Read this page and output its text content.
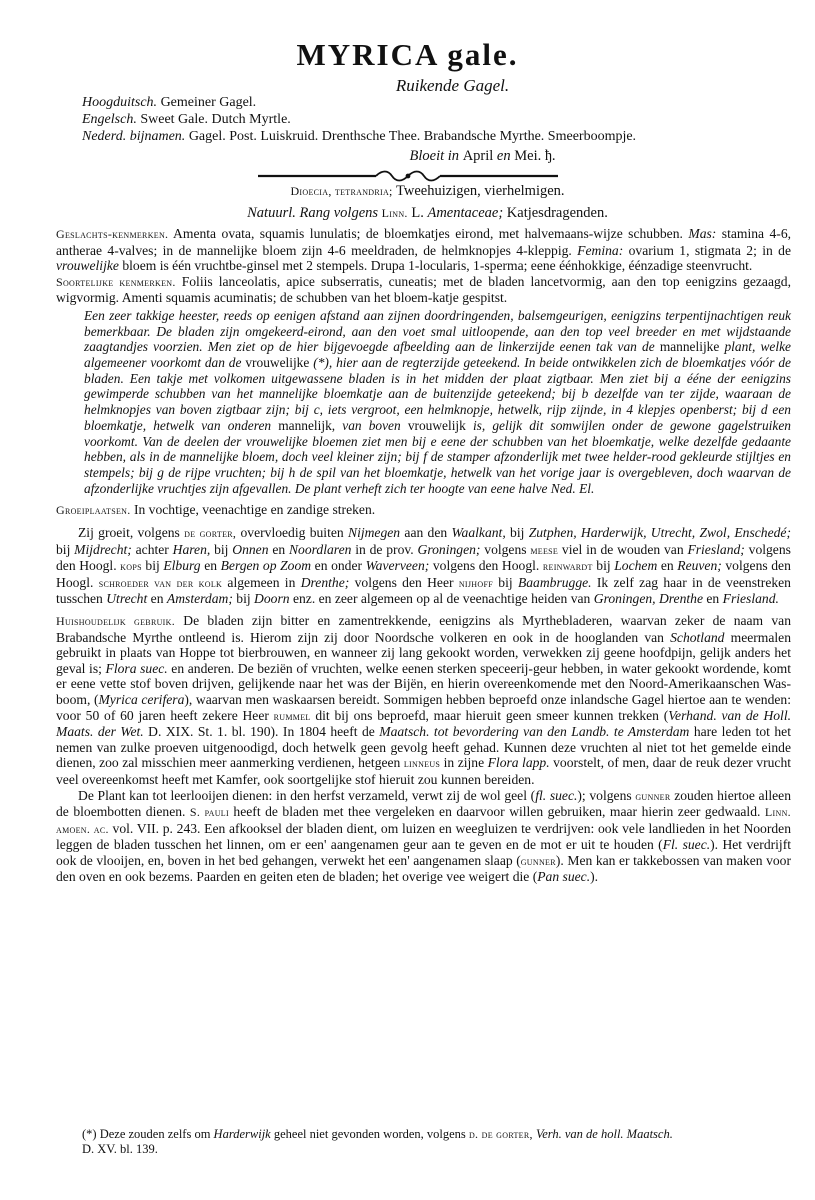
MYRICA gale.
Ruikende Gagel.
Hoogduitsch. Gemeiner Gagel.
Engelsch. Sweet Gale. Dutch Myrtle.
Nederd. bijnamen. Gagel. Post. Luiskruid. Drenthsche Thee. Brabandsche Myrthe. Smeerboompje.
Bloeit in April en Mei. ђ.
Dioecia, tetrandria; Tweehuizigen, vierhelmigen.
Natuurl. Rang volgens Linn. L. Amentaceae; Katjesdragenden.

Geslachts-kenmerken. Amenta ovata, squamis lunulatis; de bloemkatjes eirond, met halvemaans-wijze schubben. Mas: stamina 4-6, antherae 4-valves; in de mannelijke bloem zijn 4-6 meeldraden, de helmknopjes 4-kleppig. Femina: ovarium 1, stigmata 2; in de vrouwelijke bloem is één vruchtbe-ginsel met 2 stempels. Drupa 1-locularis, 1-sperma; eene éénhokkige, éénzadige steenvrucht.

Soortelijke kenmerken. Foliis lanceolatis, apice subserratis, cuneatis; met de bladen lancetvormig, aan den top eenigzins gezaagd, wigvormig. Amenti squamis acuminatis; de schubben van het bloem-katje gespitst.

Een zeer takkige heester, reeds op eenigen afstand aan zijnen doordringenden, balsemgeurigen, eenigzins terpentijnachtigen reuk bemerkbaar. De bladen zijn omgekeerd-eirond, aan den voet smal uitloopende, aan den top veel breeder en met wijdstaande zaagtandjes voorzien. Men ziet op de hier bijgevoegde afbeelding aan de linkerzijde eenen tak van de mannelijke plant, welke algemeener voorkomt dan de vrouwelijke (*), hier aan de regterzijde geteekend. In beide ontwikkelen zich de bloemkatjes vóór de bladen. Een takje met volkomen uitgewassene bladen is in het midden der plaat zigtbaar. Men ziet bij a ééne der eenigzins gewimperde schubben van het mannelijke bloemkatje aan de buitenzijde geteekend; bij b dezelfde van ter zijde, waaraan de helmknopjes van boven zigtbaar zijn; bij c, iets vergroot, een helmknopje, hetwelk, rijp zijnde, in 4 klepjes openberst; bij d een bloemkatje, hetwelk van onderen mannelijk, van boven vrouwelijk is, gelijk dit somwijlen onder de gewone gagelstruiken voorkomt. Van de deelen der vrouwelijke bloemen ziet men bij e eene der schubben van het bloemkatje, welke dezelfde gedaante hebben, als in de mannelijke bloem, doch veel kleiner zijn; bij f de stamper afzonderlijk met twee helder-rood gekleurde stijltjes en stempels; bij g de rijpe vruchten; bij h de spil van het bloemkatje, hetwelk van het vorige jaar is overgebleven, doch waarvan de afzonderlijke vruchtjes zijn afgevallen. De plant verheft zich ter hoogte van eene halve Ned. El.

Groeiplaatsen. In vochtige, veenachtige en zandige streken.

Zij groeit, volgens de gorter, overvloedig buiten Nijmegen aan den Waalkant, bij Zutphen, Harderwijk, Utrecht, Zwol, Enschedé; bij Mijdrecht; achter Haren, bij Onnen en Noordlaren in de prov. Groningen; volgens meese viel in de wouden van Friesland; volgens den Hoogl. kops bij Elburg en Bergen op Zoom en onder Waverveen; volgens den Hoogl. reinwardt bij Lochem en Reuven; volgens den Hoogl. schroeder van der kolk algemeen in Drenthe; volgens den Heer nijhoff bij Baambrugge. Ik zelf zag haar in de veenstreken tusschen Utrecht en Amsterdam; bij Doorn enz. en zeer algemeen op al de veenachtige heiden van Groningen, Drenthe en Friesland.

Huishoudelijk gebruik. De bladen zijn bitter en zamentrekkende, eenigzins als Myrthebladeren, waarvan zeker de naam van Brabandsche Myrthe ontleend is. Hierom zijn zij door Noordsche volkeren en ook in de hooglanden van Schotland meermalen gebruikt in plaats van Hoppe tot bierbrouwen, en wanneer zij lang gekookt worden, verwekken zij geene hoofdpijn, gelijk anders het geval is; Flora suec. en anderen. De beziën of vruchten, welke eenen sterken speceerij-geur hebben, in water gekookt wordende, komt er eene vette stof boven drijven, gelijkende naar het was der Bijën, en hierin overeenkomende met den Noord-Amerikaanschen Was-boom, (Myrica cerifera), waarvan men waskaarsen bereidt. Sommigen hebben beproefd onze inlandsche Gagel hiertoe aan te wenden: voor 50 of 60 jaren heeft zekere Heer rummel dit bij ons beproefd, maar hieruit geen smeer kunnen trekken (Verhand. van de Holl. Maats. der Wet. D. XIX. St. 1. bl. 190). In 1804 heeft de Maatsch. tot bevordering van den Landb. te Amsterdam hare leden tot het nemen van zulke proeven uitgenoodigd, doch hetwelk geen gevolg heeft gehad. Kunnen deze vruchten al niet tot het gemelde einde dienen, zoo zal misschien meer aanmerking verdienen, hetgeen linneus in zijne Flora lapp. voorstelt, of men, daar de reuk dezer vrucht veel overeenkomst heeft met Kamfer, ook soortgelijke stof hieruit zou kunnen bereiden.

De Plant kan tot leerlooijen dienen: in den herfst verzameld, verwt zij de wol geel (fl. suec.); volgens gunner zouden hiertoe alleen de bloembotten dienen. S. pauli heeft de bladen met thee vergeleken en daarvoor willen gebruiken, maar hierin zeer gedwaald. Linn. amoen. ac. vol. VII. p. 243. Een afkooksel der bladen dient, om luizen en weegluizen te verdrijven: ook vele landlieden in het Noorden leggen de bladen tusschen het linnen, om er een' aangenamen geur aan te geven en de mot er uit te houden (Fl. suec.). Het verdrijft ook de vlooijen, en, boven in het bed gehangen, verwekt het een' aangenamen slaap (gunner). Men kan er takkebossen van maken voor den oven en ook bezems. Paarden en geiten eten de bladen; het overige vee weigert die (Pan suec.).

(*) Deze zouden zelfs om Harderwijk geheel niet gevonden worden, volgens d. de gorter, Verh. van de holl. Maatsch.
D. XV. bl. 139.
